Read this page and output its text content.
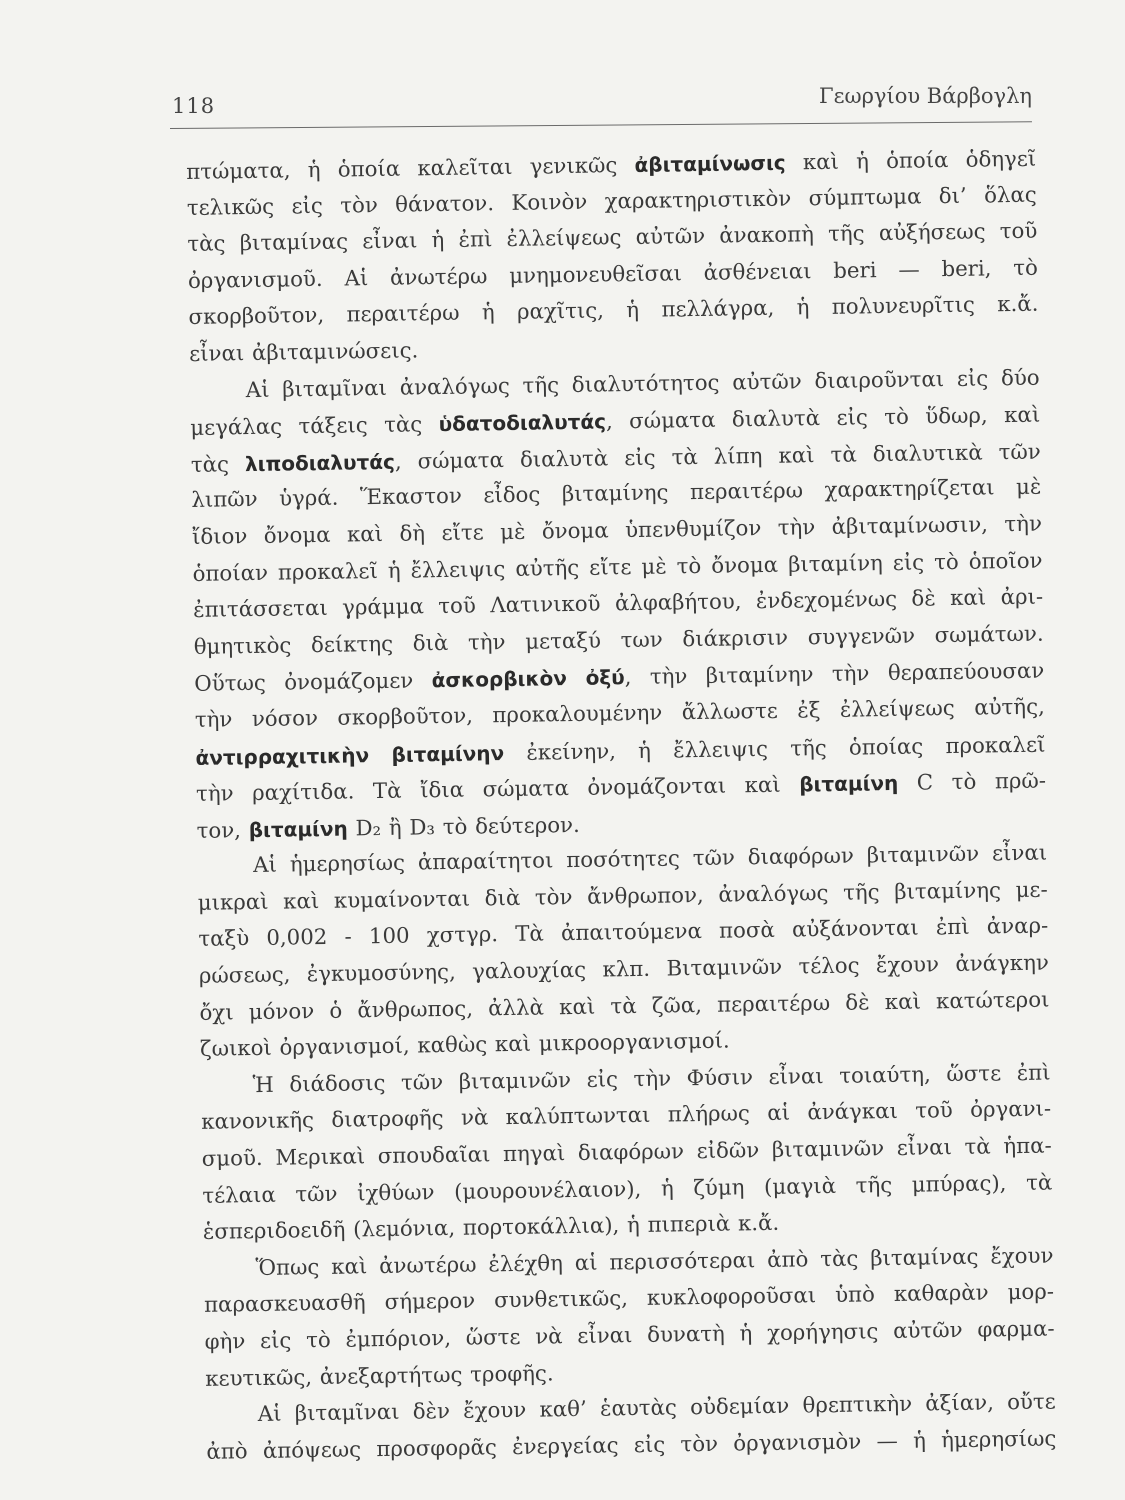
118	Γεωργίου Βάρβογλη
πτώματα, ἡ ὁποία καλεῖται γενικῶς ἀβιταμίνωσις καὶ ἡ ὁποία ὁδηγεῖ
τελικῶς εἰς τὸν θάνατον. Κοινὸν χαρακτηριστικὸν σύμπτωμα δι’ ὅλας
τὰς βιταμίνας εἶναι ἡ ἐπὶ ἐλλείψεως αὐτῶν ἀνακοπὴ τῆς αὐξήσεως τοῦ
ὀργανισμοῦ. Αἱ ἀνωτέρω μνημονευθεῖσαι ἀσθένειαι beri — beri, τὸ
σκορβοῦτον, περαιτέρω ἡ ραχῖτις, ἡ πελλάγρα, ἡ πολυνευρῖτις κ.ἄ.
εἶναι ἀβιταμινώσεις.
Αἱ βιταμῖναι ἀναλόγως τῆς διαλυτότητος αὐτῶν διαιροῦνται εἰς δύο
μεγάλας τάξεις τὰς ὑδατοδιαλυτάς, σώματα διαλυτὰ εἰς τὸ ὕδωρ, καὶ
τὰς λιποδιαλυτάς, σώματα διαλυτὰ εἰς τὰ λίπη καὶ τὰ διαλυτικὰ τῶν
λιπῶν ὑγρά. Ἕκαστον εἶδος βιταμίνης περαιτέρω χαρακτηρίζεται μὲ
ἴδιον ὄνομα καὶ δὴ εἴτε μὲ ὄνομα ὑπενθυμίζον τὴν ἀβιταμίνωσιν, τὴν
ὁποίαν προκαλεῖ ἡ ἔλλειψις αὐτῆς εἴτε μὲ τὸ ὄνομα βιταμίνη εἰς τὸ ὁποῖον
ἐπιτάσσεται γράμμα τοῦ Λατινικοῦ ἀλφαβήτου, ἐνδεχομένως δὲ καὶ ἀρι-
θμητικὸς δείκτης διὰ τὴν μεταξύ των διάκρισιν συγγενῶν σωμάτων.
Οὕτως ὀνομάζομεν ἀσκορβικὸν ὀξύ, τὴν βιταμίνην τὴν θεραπεύουσαν
τὴν νόσον σκορβοῦτον, προκαλουμένην ἄλλωστε ἐξ ἐλλείψεως αὐτῆς,
ἀντιρραχιτικὴν βιταμίνην ἐκείνην, ἡ ἔλλειψις τῆς ὁποίας προκαλεῖ
τὴν ραχίτιδα. Τὰ ἴδια σώματα ὀνομάζονται καὶ βιταμίνη C τὸ πρῶ-
τον, βιταμίνη D₂ ἢ D₃ τὸ δεύτερον.
Αἱ ἡμερησίως ἀπαραίτητοι ποσότητες τῶν διαφόρων βιταμινῶν εἶναι
μικραὶ καὶ κυμαίνονται διὰ τὸν ἄνθρωπον, ἀναλόγως τῆς βιταμίνης με-
ταξὺ 0,002 - 100 χστγρ. Τὰ ἀπαιτούμενα ποσὰ αὐξάνονται ἐπὶ ἀναρ-
ρώσεως, ἐγκυμοσύνης, γαλουχίας κλπ. Βιταμινῶν τέλος ἔχουν ἀνάγκην
ὄχι μόνον ὁ ἄνθρωπος, ἀλλὰ καὶ τὰ ζῶα, περαιτέρω δὲ καὶ κατώτεροι
ζωικοὶ ὀργανισμοί, καθὼς καὶ μικροοργανισμοί.
Ἡ διάδοσις τῶν βιταμινῶν εἰς τὴν Φύσιν εἶναι τοιαύτη, ὥστε ἐπὶ
κανονικῆς διατροφῆς νὰ καλύπτωνται πλήρως αἱ ἀνάγκαι τοῦ ὀργανι-
σμοῦ. Μερικαὶ σπουδαῖαι πηγαὶ διαφόρων εἰδῶν βιταμινῶν εἶναι τὰ ἡπα-
τέλαια τῶν ἰχθύων (μουρουνέλαιον), ἡ ζύμη (μαγιὰ τῆς μπύρας), τὰ
ἑσπεριδοειδῆ (λεμόνια, πορτοκάλλια), ἡ πιπεριὰ κ.ἄ.
Ὅπως καὶ ἀνωτέρω ἐλέχθη αἱ περισσότεραι ἀπὸ τὰς βιταμίνας ἔχουν
παρασκευασθῆ σήμερον συνθετικῶς, κυκλοφοροῦσαι ὑπὸ καθαρὰν μορ-
φὴν εἰς τὸ ἐμπόριον, ὥστε νὰ εἶναι δυνατὴ ἡ χορήγησις αὐτῶν φαρμα-
κευτικῶς, ἀνεξαρτήτως τροφῆς.
Αἱ βιταμῖναι δὲν ἔχουν καθ’ ἑαυτὰς οὐδεμίαν θρεπτικὴν ἀξίαν, οὔτε
ἀπὸ ἀπόψεως προσφορᾶς ἐνεργείας εἰς τὸν ὀργανισμὸν — ἡ ἡμερησίως
